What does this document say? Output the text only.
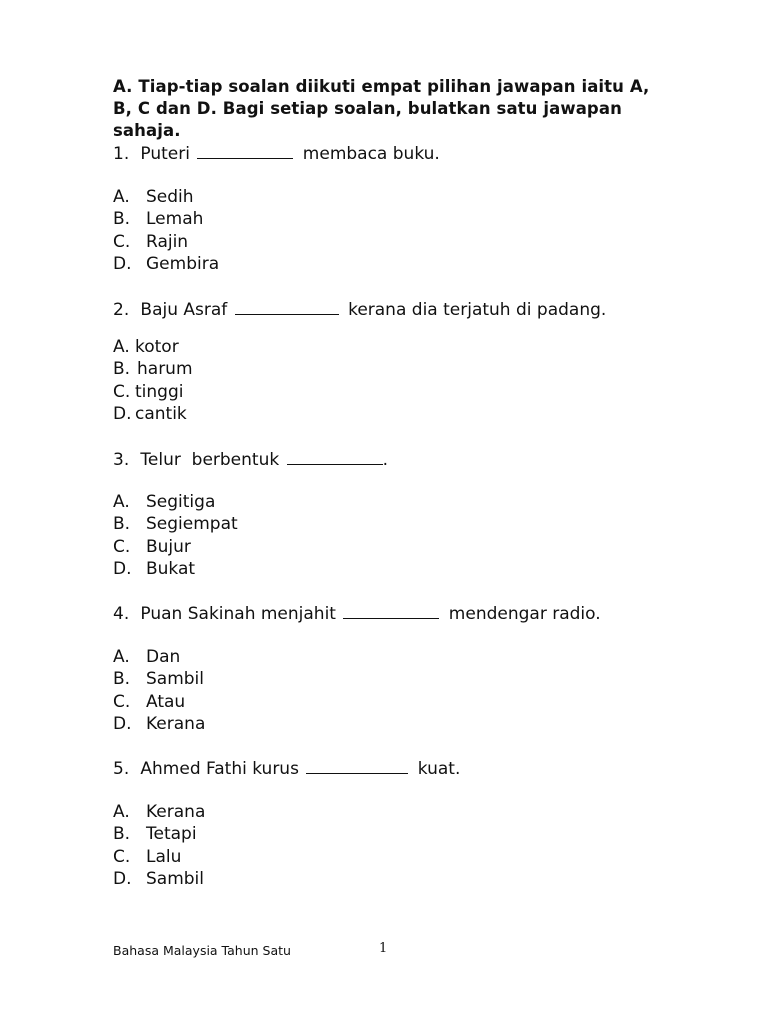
A. Tiap-tiap soalan diikuti empat pilihan jawapan iaitu A, B, C dan D. Bagi setiap soalan, bulatkan satu jawapan sahaja.
1. Puteri	membaca buku.
A. Sedih
B. Lemah
C. Rajin
D. Gembira
2. Baju Asraf	kerana dia terjatuh di padang.
A. kotor
B. harum
C. tinggi
D. cantik
3. Telur  berbentuk	.
A. Segitiga
B. Segiempat
C. Bujur
D. Bukat
4. Puan Sakinah menjahit	mendengar radio.
A. Dan
B. Sambil
C. Atau
D. Kerana
5. Ahmed Fathi kurus	kuat.
A. Kerana
B. Tetapi
C. Lalu
D. Sambil
Bahasa Malaysia Tahun Satu	1
